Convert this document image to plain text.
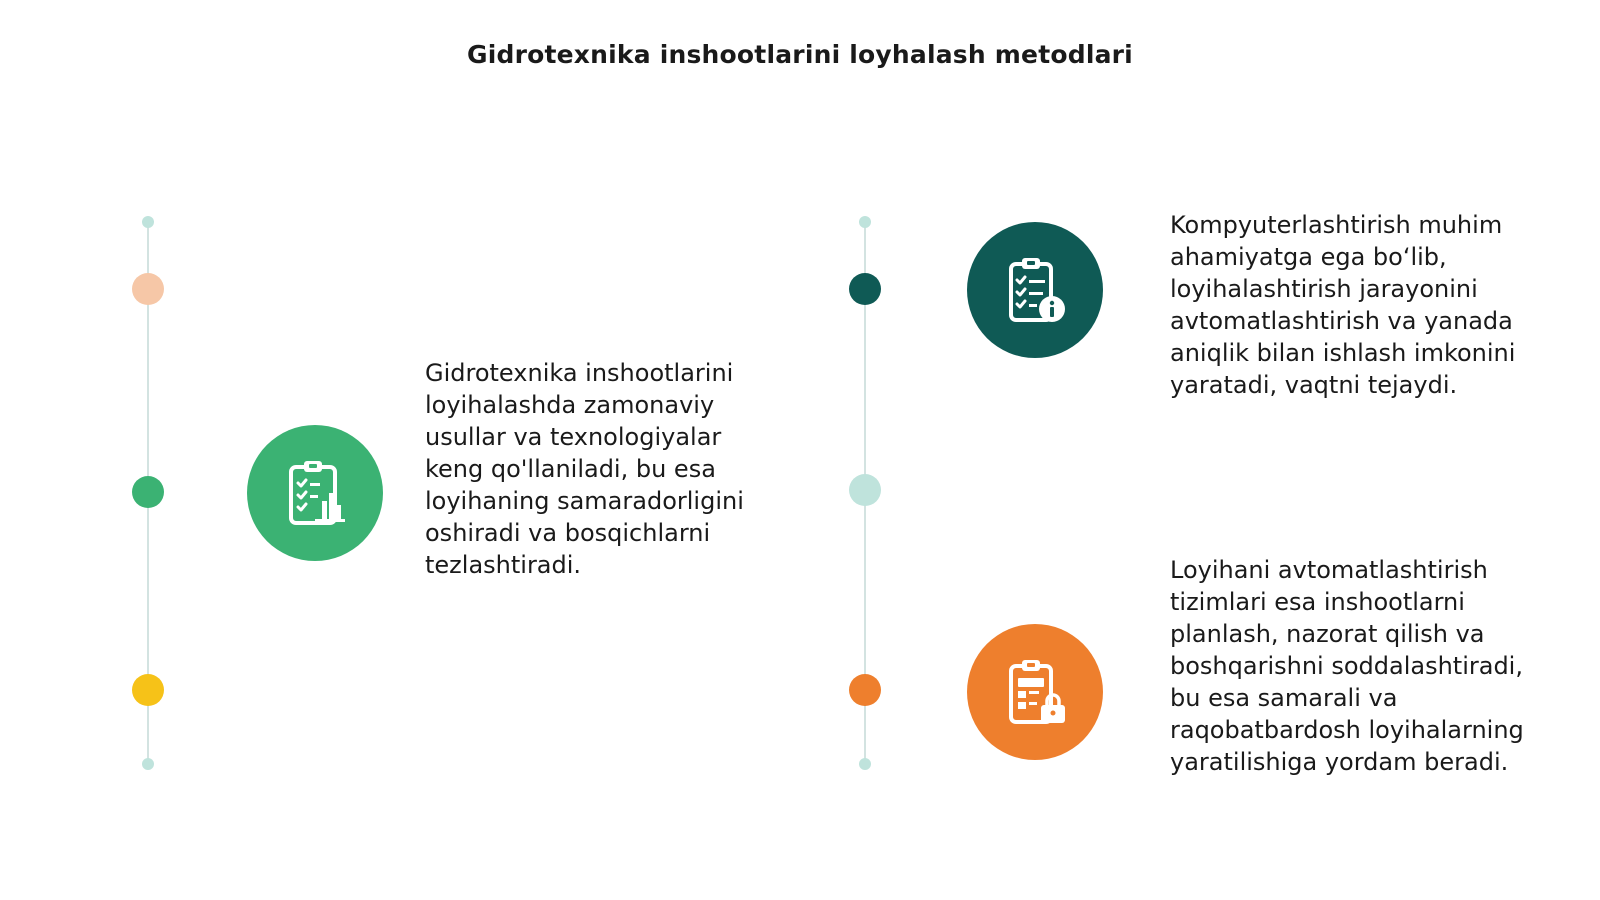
Gidrotexnika inshootlarini loyhalash metodlari
Gidrotexnika inshootlarini loyihalashda zamonaviy usullar va texnologiyalar keng qo'llaniladi, bu esa loyihaning samaradorligini oshiradi va bosqichlarni tezlashtiradi.
Kompyuterlashtirish muhim ahamiyatga ega bo‘lib, loyihalashtirish jarayonini avtomatlashtirish va yanada aniqlik bilan ishlash imkonini yaratadi, vaqtni tejaydi.
Loyihani avtomatlashtirish tizimlari esa inshootlarni planlash, nazorat qilish va boshqarishni soddalashtiradi, bu esa samarali va raqobatbardosh loyihalarning yaratilishiga yordam beradi.
